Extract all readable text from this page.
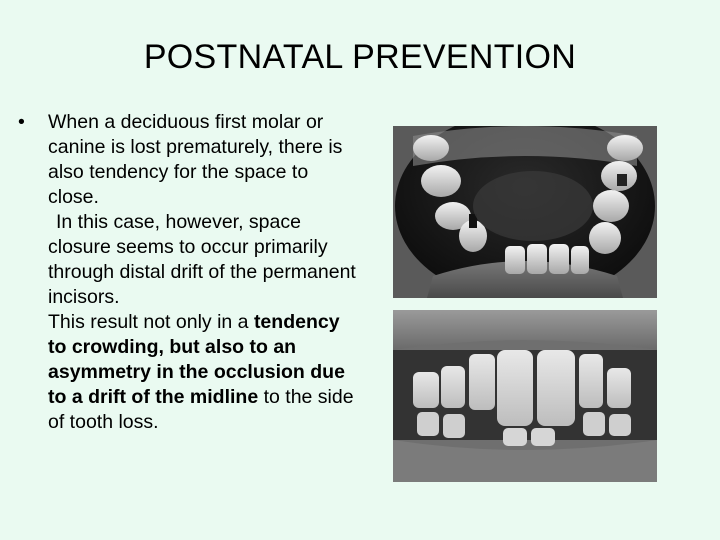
POSTNATAL PREVENTION
•	When a deciduous first molar or canine is lost prematurely, there is also tendency for the space to close.

In this case, however, space closure seems to occur primarily through distal drift of the permanent incisors.

This result not only in a tendency to crowding, but also to an asymmetry in the occlusion due to a drift of the midline to the side of tooth loss.
